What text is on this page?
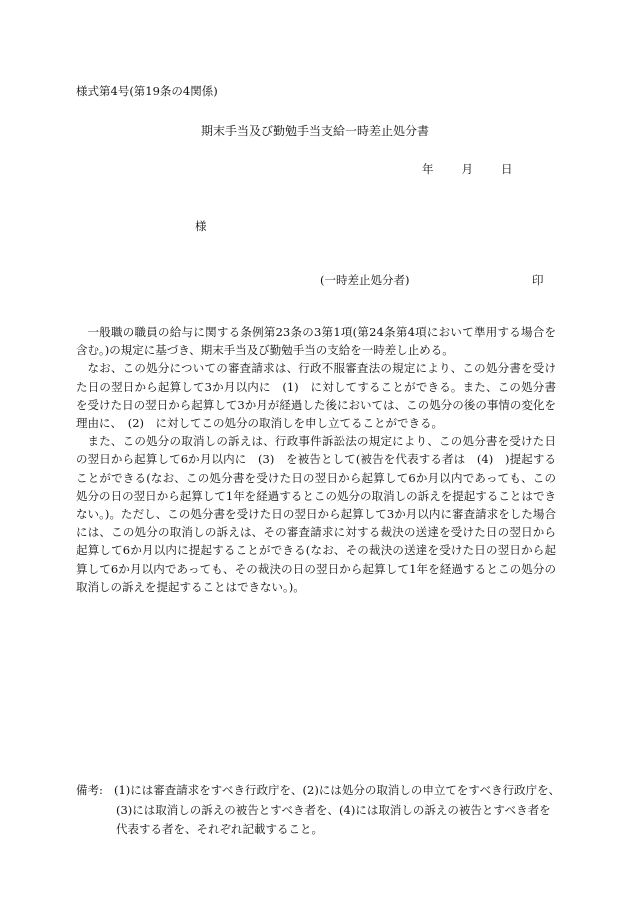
様式第4号(第19条の4関係)
期末手当及び勤勉手当支給一時差止処分書
年 月 日
様
(一時差止処分者)	印

一般職の職員の給与に関する条例第23条の3第1項(第24条第4項において準用する場合を含む。)の規定に基づき、期末手当及び勤勉手当の支給を一時差し止める。

なお、この処分についての審査請求は、行政不服審査法の規定により、この処分書を受けた日の翌日から起算して3か月以内に　(1)　に対してすることができる。また、この処分書を受けた日の翌日から起算して3か月が経過した後においては、この処分の後の事情の変化を理由に、　(2)　に対してこの処分の取消しを申し立てることができる。

また、この処分の取消しの訴えは、行政事件訴訟法の規定により、この処分書を受けた日の翌日から起算して6か月以内に　(3)　を被告として(被告を代表する者は　(4)　)提起することができる(なお、この処分書を受けた日の翌日から起算して6か月以内であっても、この処分の日の翌日から起算して1年を経過するとこの処分の取消しの訴えを提起することはできない。)。ただし、この処分書を受けた日の翌日から起算して3か月以内に審査請求をした場合には、この処分の取消しの訴えは、その審査請求に対する裁決の送達を受けた日の翌日から起算して6か月以内に提起することができる(なお、その裁決の送達を受けた日の翌日から起算して6か月以内であっても、その裁決の日の翌日から起算して1年を経過するとこの処分の取消しの訴えを提起することはできない。)。

備考: (1)には審査請求をすべき行政庁を、(2)には処分の取消しの申立てをすべき行政庁を、
(3)には取消しの訴えの被告とすべき者を、(4)には取消しの訴えの被告とすべき者を
代表する者を、それぞれ記載すること。
